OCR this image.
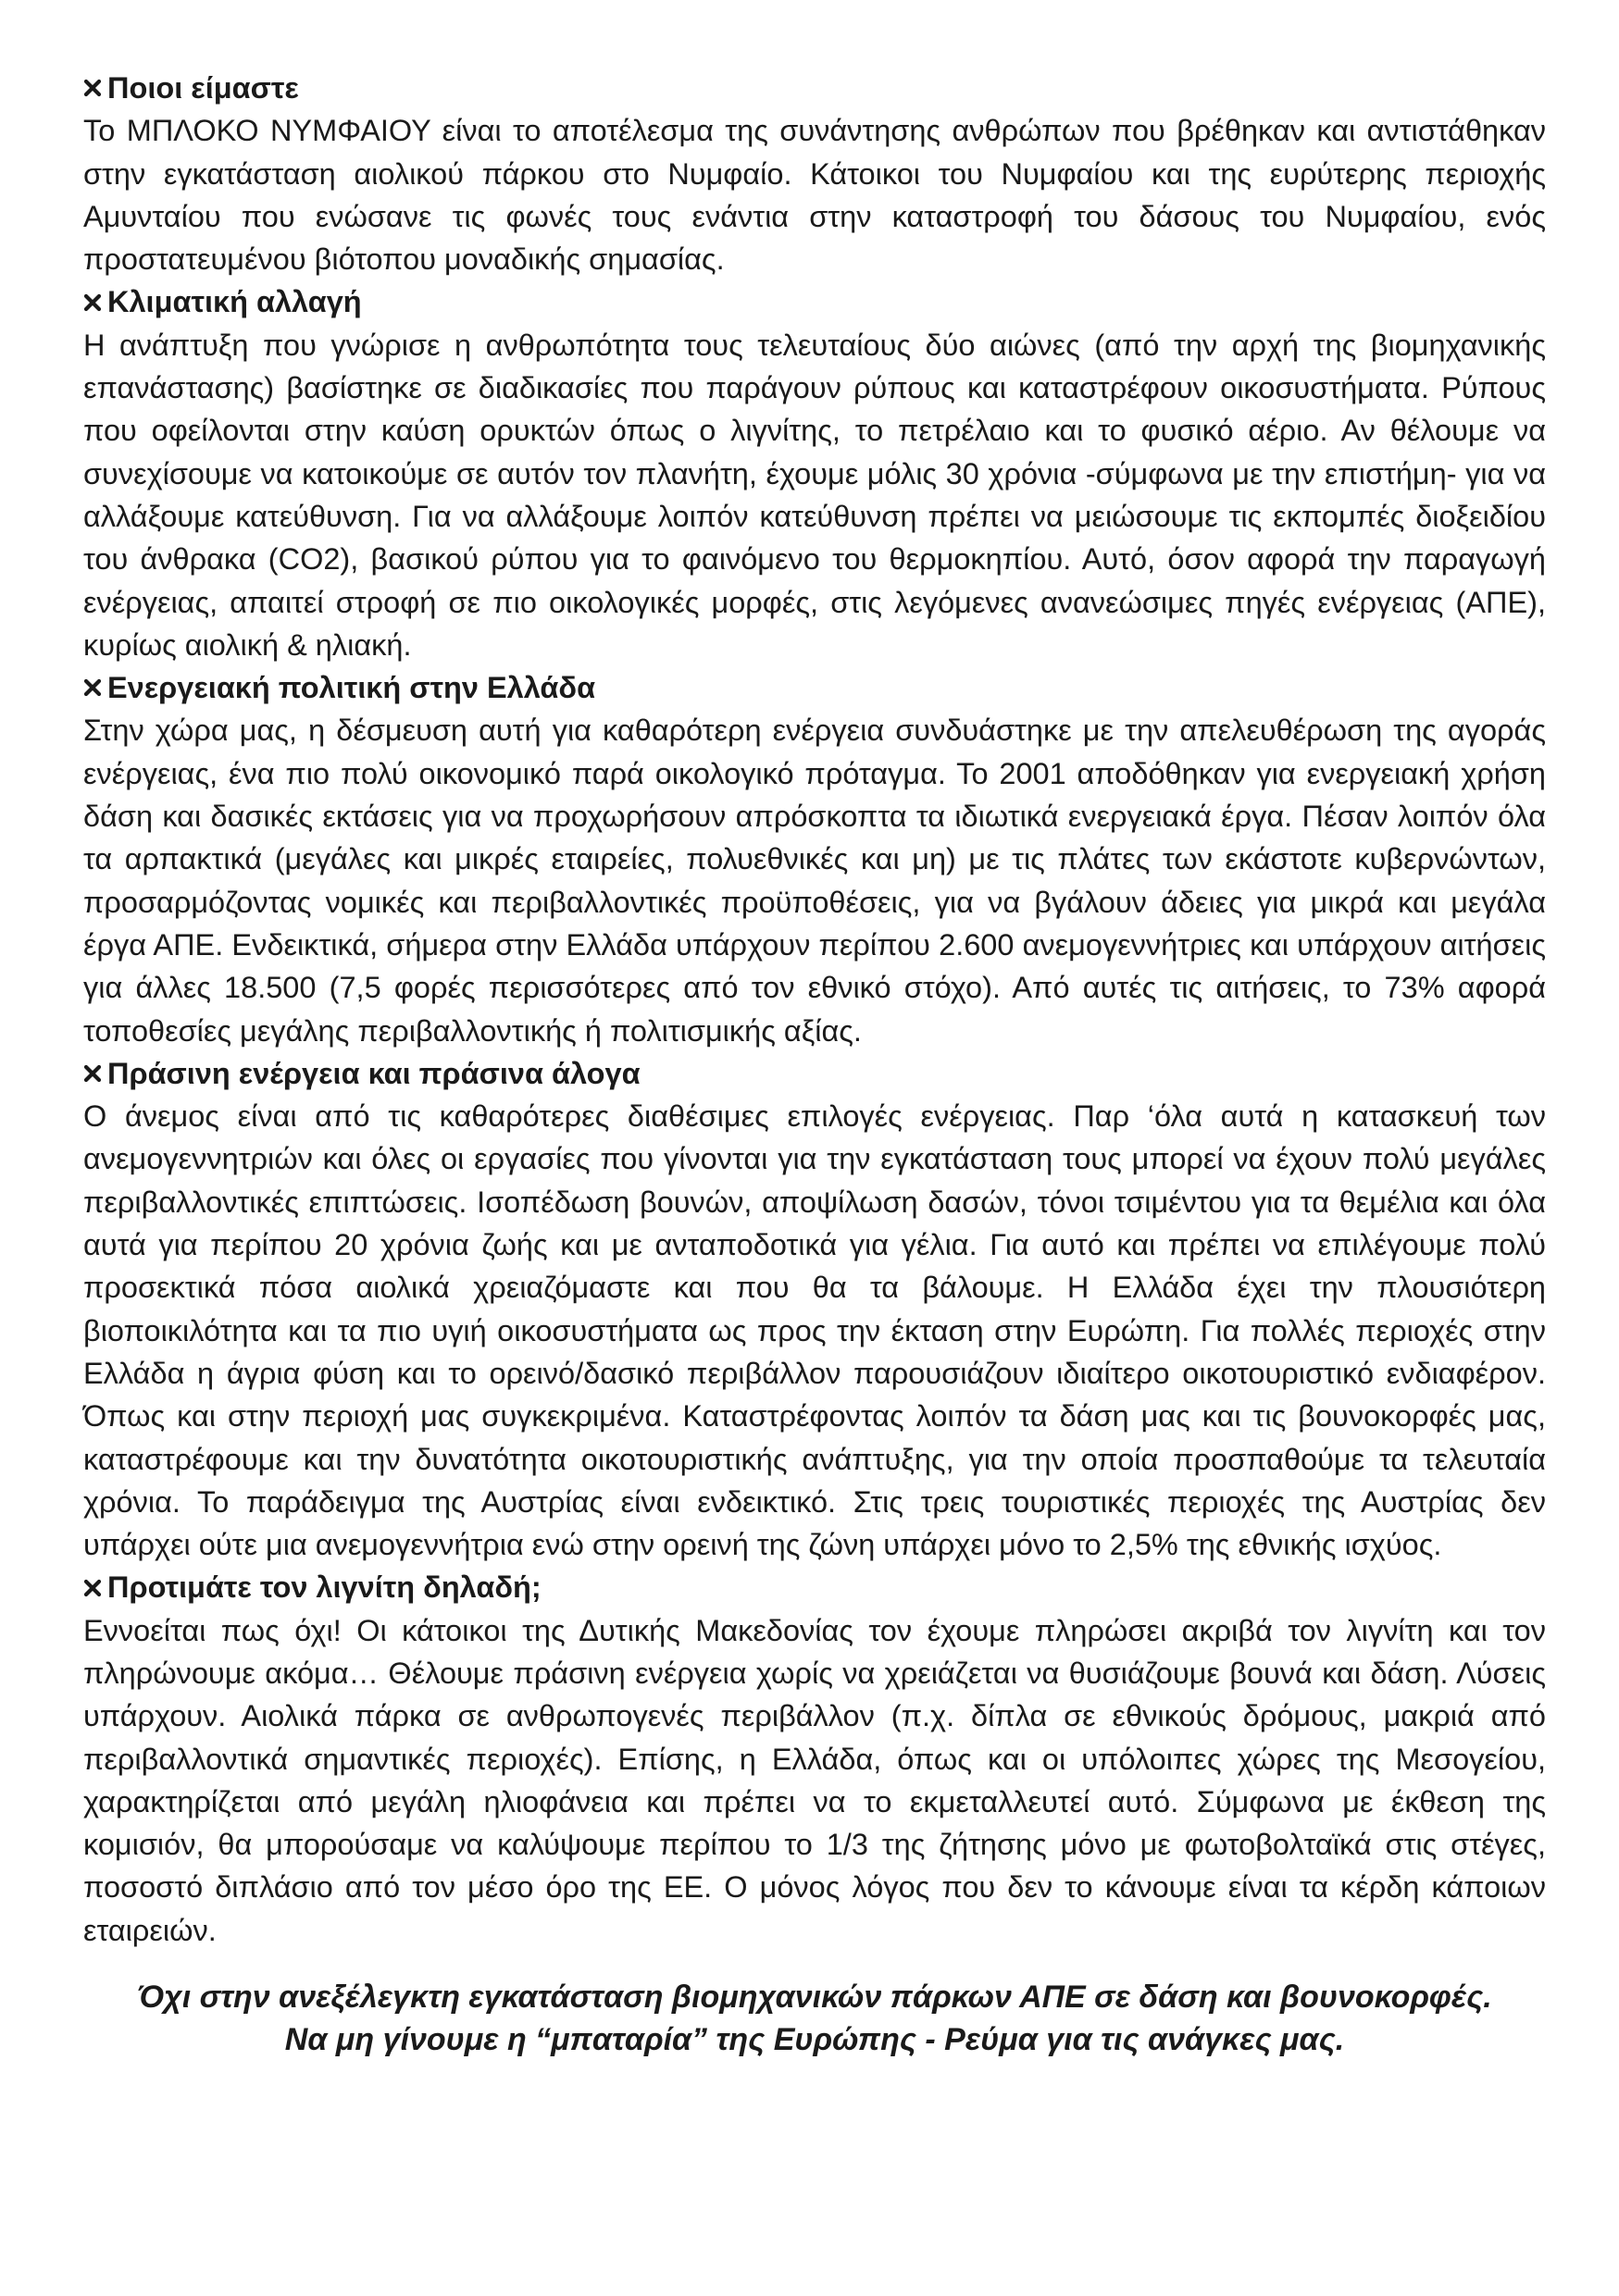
Ποιοι είμαστε
Το ΜΠΛΟΚΟ ΝΥΜΦΑΙΟΥ είναι το αποτέλεσμα της συνάντησης ανθρώπων που βρέθηκαν και αντιστάθηκαν στην εγκατάσταση αιολικού πάρκου στο Νυμφαίο. Κάτοικοι του Νυμφαίου και της ευρύτερης περιοχής Αμυνταίου που ενώσανε τις φωνές τους ενάντια στην καταστροφή του δάσους του Νυμφαίου, ενός προστατευμένου βιότοπου μοναδικής σημασίας.
Κλιματική αλλαγή
Η ανάπτυξη που γνώρισε η ανθρωπότητα τους τελευταίους δύο αιώνες (από την αρχή της βιομηχανικής επανάστασης) βασίστηκε σε διαδικασίες που παράγουν ρύπους και καταστρέφουν οικοσυστήματα. Ρύπους που οφείλονται στην καύση ορυκτών όπως ο λιγνίτης, το πετρέλαιο και το φυσικό αέριο. Αν θέλουμε να συνεχίσουμε να κατοικούμε σε αυτόν τον πλανήτη, έχουμε μόλις 30 χρόνια -σύμφωνα με την επιστήμη- για να αλλάξουμε κατεύθυνση. Για να αλλάξουμε λοιπόν κατεύθυνση πρέπει να μειώσουμε τις εκπομπές διοξειδίου του άνθρακα (CO2), βασικού ρύπου για το φαινόμενο του θερμοκηπίου. Αυτό, όσον αφορά την παραγωγή ενέργειας, απαιτεί στροφή σε πιο οικολογικές μορφές, στις λεγόμενες ανανεώσιμες πηγές ενέργειας (ΑΠΕ), κυρίως αιολική & ηλιακή.
Ενεργειακή πολιτική στην Ελλάδα
Στην χώρα μας, η δέσμευση αυτή για καθαρότερη ενέργεια συνδυάστηκε με την απελευθέρωση της αγοράς ενέργειας, ένα πιο πολύ οικονομικό παρά οικολογικό πρόταγμα. Το 2001 αποδόθηκαν για ενεργειακή χρήση δάση και δασικές εκτάσεις για να προχωρήσουν απρόσκοπτα τα ιδιωτικά ενεργειακά έργα. Πέσαν λοιπόν όλα τα αρπακτικά (μεγάλες και μικρές εταιρείες, πολυεθνικές και μη) με τις πλάτες των εκάστοτε κυβερνώντων, προσαρμόζοντας νομικές και περιβαλλοντικές προϋποθέσεις, για να βγάλουν άδειες για μικρά και μεγάλα έργα ΑΠΕ. Ενδεικτικά, σήμερα στην Ελλάδα υπάρχουν περίπου 2.600 ανεμογεννήτριες και υπάρχουν αιτήσεις για άλλες 18.500 (7,5 φορές περισσότερες από τον εθνικό στόχο). Από αυτές τις αιτήσεις, το 73% αφορά τοποθεσίες μεγάλης περιβαλλοντικής ή πολιτισμικής αξίας.
Πράσινη ενέργεια και πράσινα άλογα
Ο άνεμος είναι από τις καθαρότερες διαθέσιμες επιλογές ενέργειας. Παρ ‘όλα αυτά η κατασκευή των ανεμογεννητριών και όλες οι εργασίες που γίνονται για την εγκατάσταση τους μπορεί να έχουν πολύ μεγάλες περιβαλλοντικές επιπτώσεις. Ισοπέδωση βουνών, αποψίλωση δασών, τόνοι τσιμέντου για τα θεμέλια και όλα αυτά για περίπου 20 χρόνια ζωής και με ανταποδοτικά για γέλια. Για αυτό και πρέπει να επιλέγουμε πολύ προσεκτικά πόσα αιολικά χρειαζόμαστε και που θα τα βάλουμε. Η Ελλάδα έχει την πλουσιότερη βιοποικιλότητα και τα πιο υγιή οικοσυστήματα ως προς την έκταση στην Ευρώπη. Για πολλές περιοχές στην Ελλάδα η άγρια φύση και το ορεινό/δασικό περιβάλλον παρουσιάζουν ιδιαίτερο οικοτουριστικό ενδιαφέρον. Όπως και στην περιοχή μας συγκεκριμένα. Καταστρέφοντας λοιπόν τα δάση μας και τις βουνοκορφές μας, καταστρέφουμε και την δυνατότητα οικοτουριστικής ανάπτυξης, για την οποία προσπαθούμε τα τελευταία χρόνια. Το παράδειγμα της Αυστρίας είναι ενδεικτικό. Στις τρεις τουριστικές περιοχές της Αυστρίας δεν υπάρχει ούτε μια ανεμογεννήτρια ενώ στην ορεινή της ζώνη υπάρχει μόνο το 2,5% της εθνικής ισχύος.
Προτιμάτε τον λιγνίτη δηλαδή;
Εννοείται πως όχι! Οι κάτοικοι της Δυτικής Μακεδονίας τον έχουμε πληρώσει ακριβά τον λιγνίτη και τον πληρώνουμε ακόμα… Θέλουμε πράσινη ενέργεια χωρίς να χρειάζεται να θυσιάζουμε βουνά και δάση. Λύσεις υπάρχουν. Αιολικά πάρκα σε ανθρωπογενές περιβάλλον (π.χ. δίπλα σε εθνικούς δρόμους, μακριά από περιβαλλοντικά σημαντικές περιοχές). Επίσης, η Ελλάδα, όπως και οι υπόλοιπες χώρες της Μεσογείου, χαρακτηρίζεται από μεγάλη ηλιοφάνεια και πρέπει να το εκμεταλλευτεί αυτό. Σύμφωνα με έκθεση της κομισιόν, θα μπορούσαμε να καλύψουμε περίπου το 1/3 της ζήτησης μόνο με φωτοβολταϊκά στις στέγες, ποσοστό διπλάσιο από τον μέσο όρο της ΕΕ. Ο μόνος λόγος που δεν το κάνουμε είναι τα κέρδη κάποιων εταιρειών.
Όχι στην ανεξέλεγκτη εγκατάσταση βιομηχανικών πάρκων ΑΠΕ σε δάση και βουνοκορφές.
Να μη γίνουμε η “μπαταρία” της Ευρώπης - Ρεύμα για τις ανάγκες μας.
